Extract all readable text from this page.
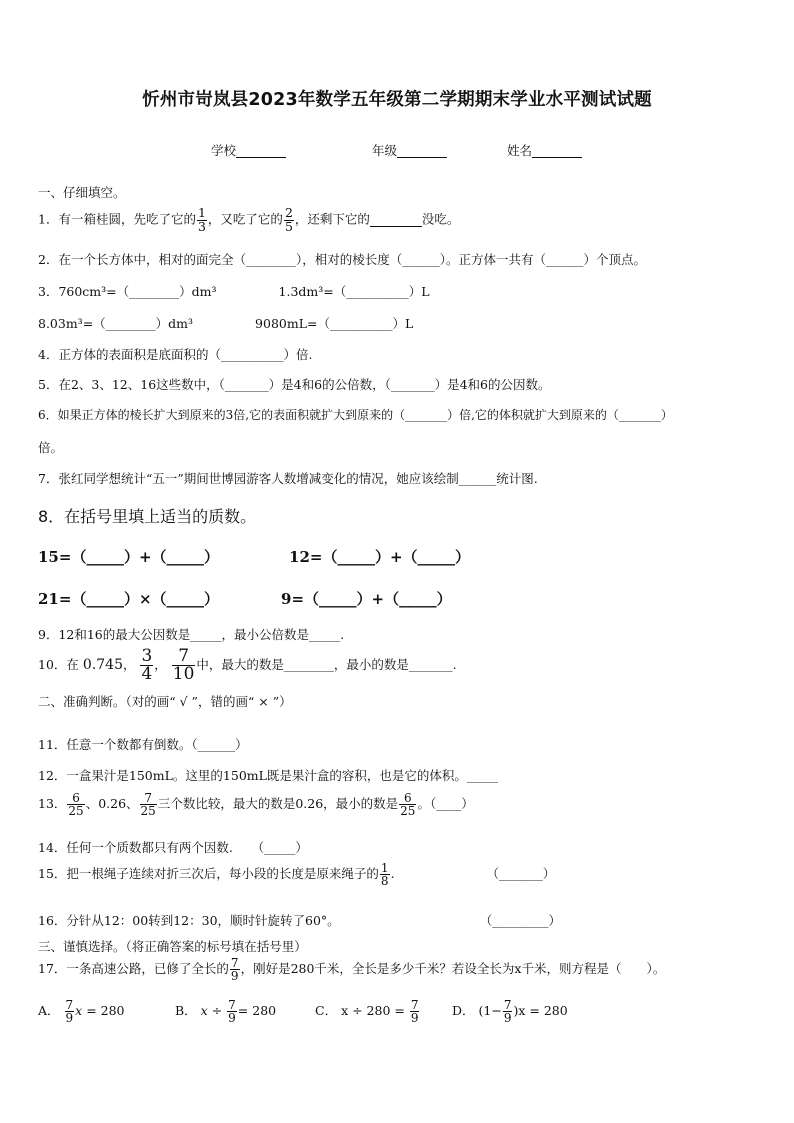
忻州市岢岚县2023年数学五年级第二学期期末学业水平测试试题
学校	年级	姓名
一、仔细填空。
1．有一箱桂圆，先吃了它的 $\frac{1}{3}$ ，又吃了它的 $\frac{2}{5}$ ，还剩下它的	没吃。
2．在一个长方体中，相对的面完全（________），相对的棱长度（______）。正方体一共有（______）个顶点。
3．760cm³=（________）dm³	1.3dm³=（__________）L
8.03m³=（________）dm³	9080mL=（__________）L
4．正方体的表面积是底面积的（__________）倍.
5．在2、3、12、16这些数中，（_______）是4和6的公倍数，（_______）是4和6的公因数。
6．如果正方体的棱长扩大到原来的3倍,它的表面积就扩大到原来的（_______）倍,它的体积就扩大到原来的（_______）
倍。
7．张红同学想统计“五一”期间世博园游客人数增减变化的情况，她应该绘制______统计图.
8．在括号里填上适当的质数。
15=（_____）+（_____）	12=（_____）+（_____）
21=（_____）×（_____）	9=（_____）+（_____）
9．12和16的最大公因数是_____，最小公倍数是_____.
10．在 0.745， $\frac{3}{4}$ ， $\frac{7}{10}$ 中，最大的数是________，最小的数是_______.
二、准确判断。（对的画“ √ ”，错的画“ × ”）
11．任意一个数都有倒数。（______）
12．一盒果汁是150mL。这里的150mL既是果汁盒的容积，也是它的体积。_____
13． $\frac{6}{25}$ 、0.26、 $\frac{7}{25}$ 三个数比较，最大的数是0.26，最小的数是 $\frac{6}{25}$ 。（____）
14．任何一个质数都只有两个因数.　　（_____）
15．把一根绳子连续对折三次后，每小段的长度是原来绳子的 $\frac{1}{8}$ .	（_______）
16．分针从12：00转到12：30，顺时针旋转了60°。	（_________）
三、谨慎选择。（将正确答案的标号填在括号里）
17．一条高速公路，已修了全长的 $\frac{7}{9}$ ，刚好是280千米，全长是多少千米？若设全长为x千米，则方程是（　　）。
A． $\frac{7}{9}$ x = 280	B． $x \div \frac{7}{9} = 280$	C． $x \div 280 = \frac{7}{9}$	D． $(1- \frac{7}{9} )x = 280$
